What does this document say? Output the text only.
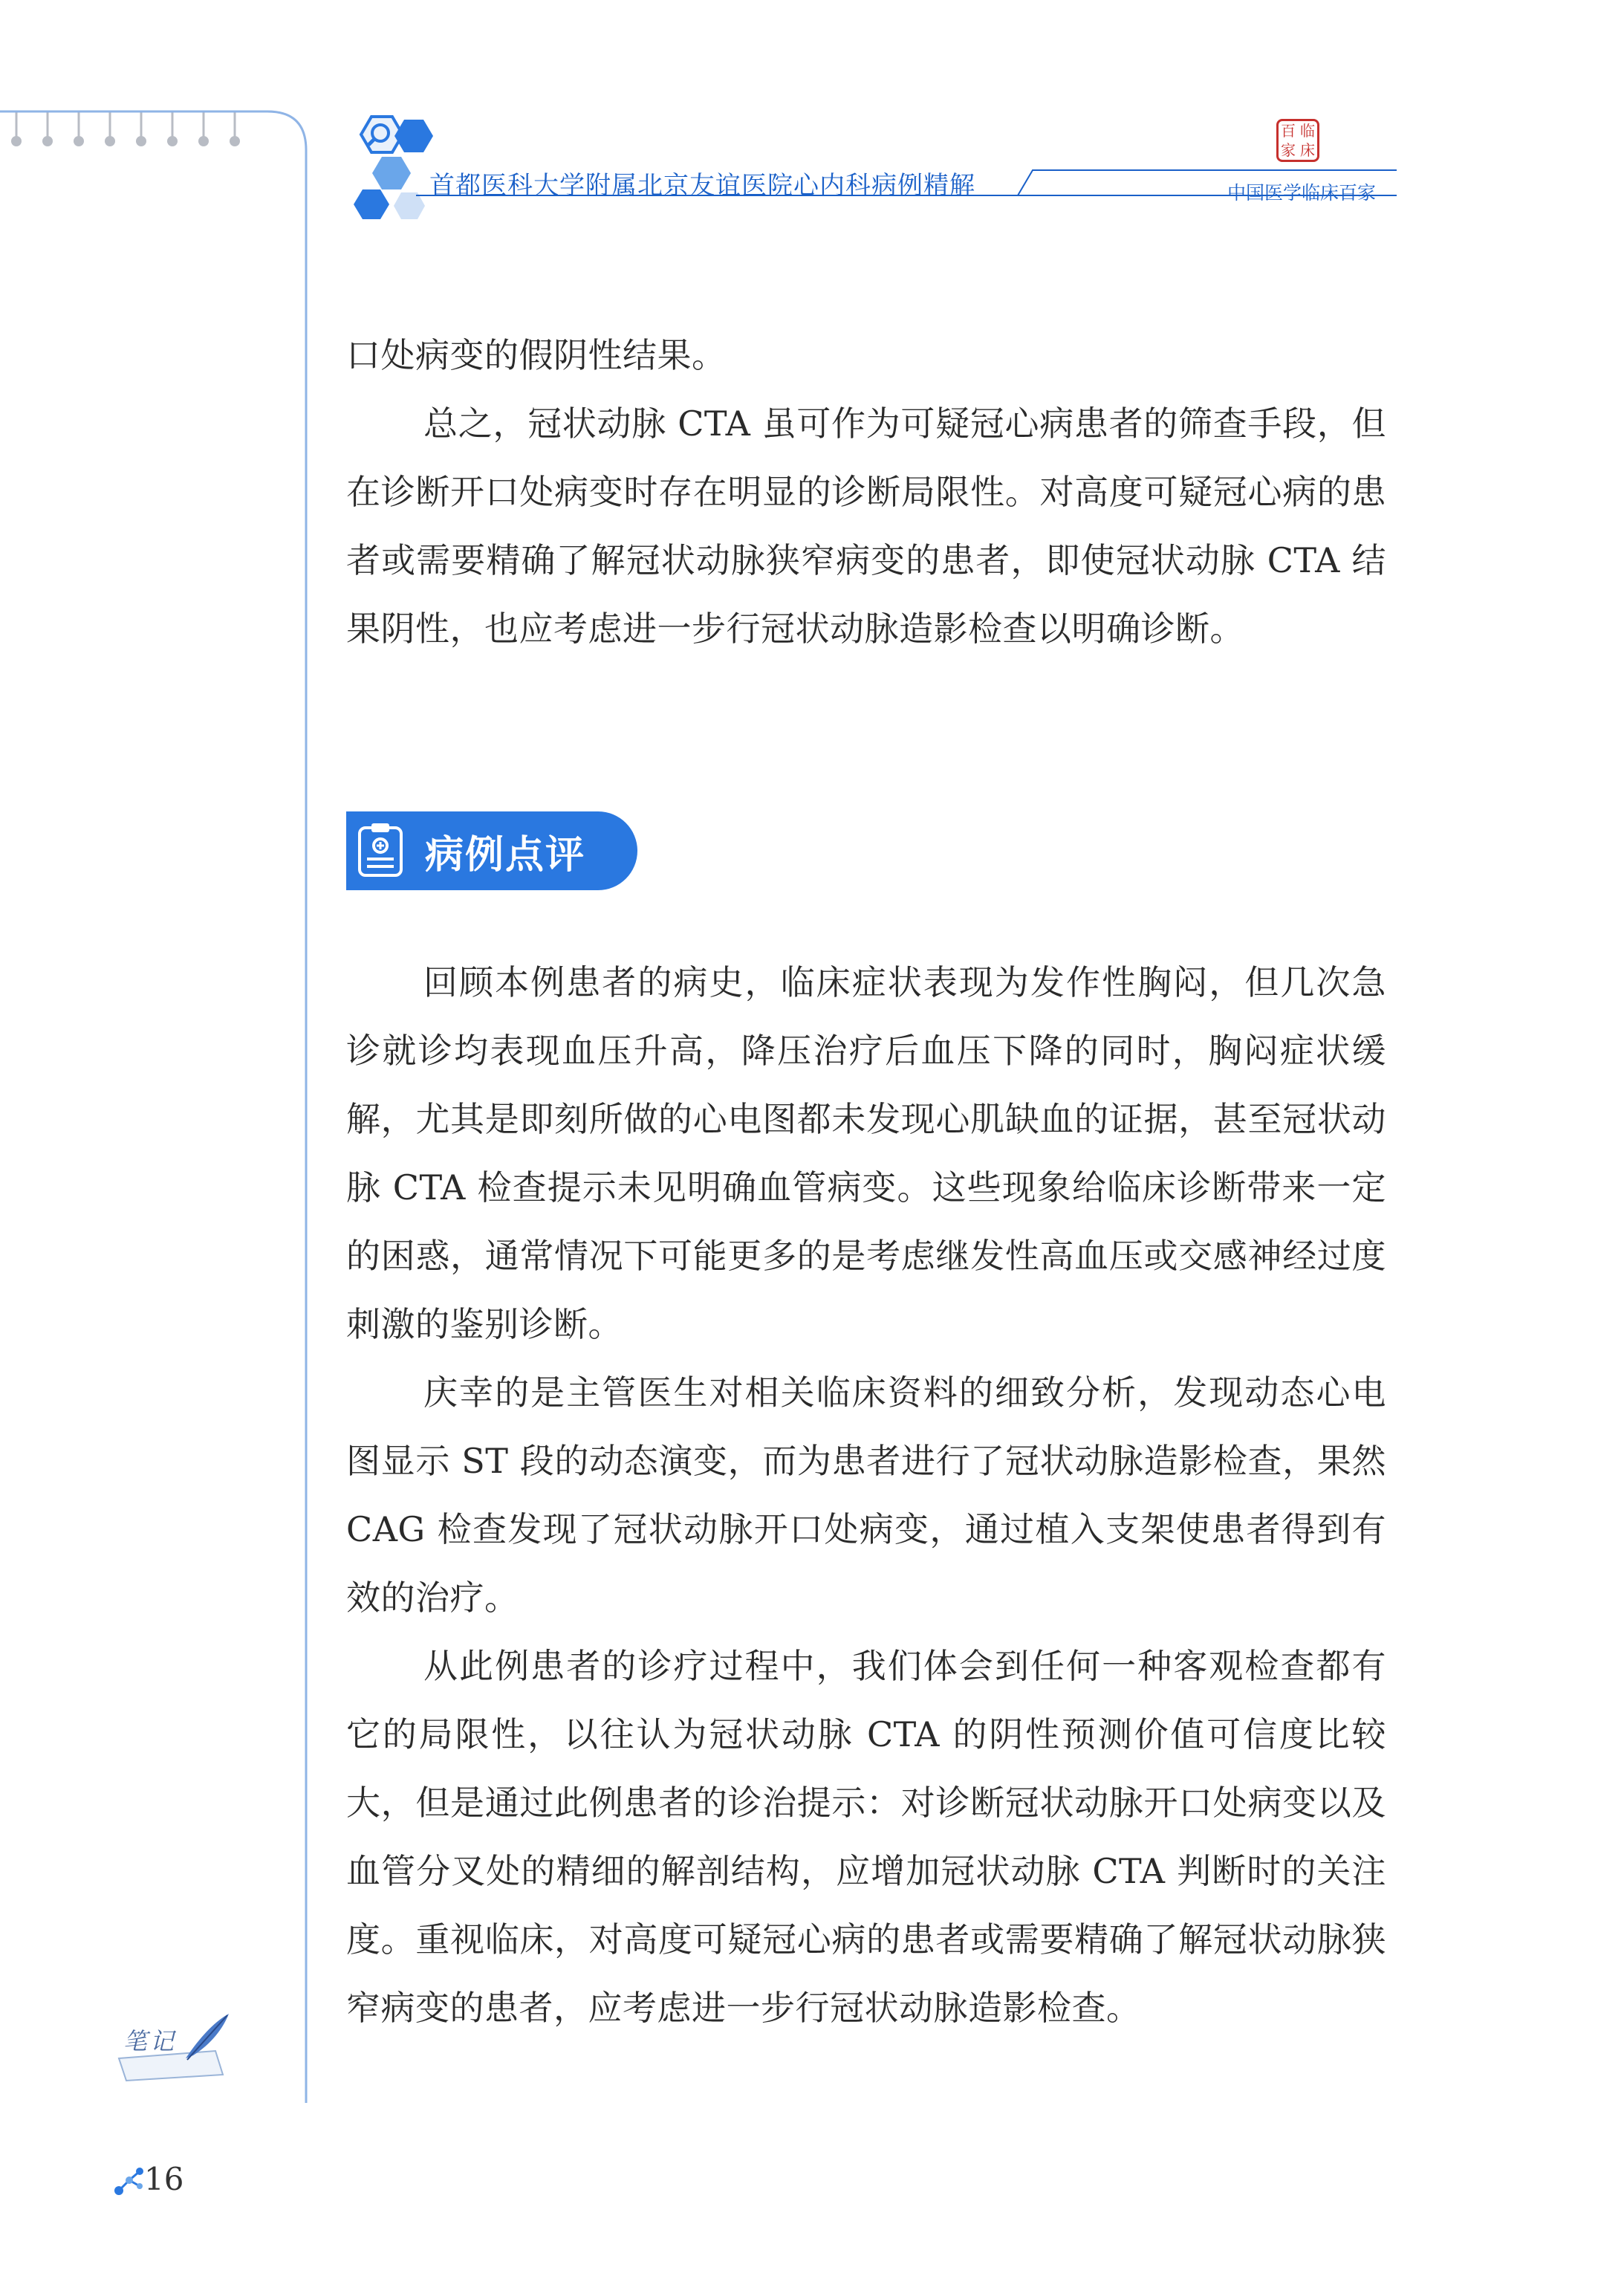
首都医科大学附属北京友谊医院心内科病例精解
百 临
家 床
中国医学临床百家

口处病变的假阴性结果。

总之，冠状动脉 CTA 虽可作为可疑冠心病患者的筛查手段，但在诊断开口处病变时存在明显的诊断局限性。对高度可疑冠心病的患者或需要精确了解冠状动脉狭窄病变的患者，即使冠状动脉 CTA 结果阴性，也应考虑进一步行冠状动脉造影检查以明确诊断。

病例点评

回顾本例患者的病史，临床症状表现为发作性胸闷，但几次急诊就诊均表现血压升高，降压治疗后血压下降的同时，胸闷症状缓解，尤其是即刻所做的心电图都未发现心肌缺血的证据，甚至冠状动脉 CTA 检查提示未见明确血管病变。这些现象给临床诊断带来一定的困惑，通常情况下可能更多的是考虑继发性高血压或交感神经过度刺激的鉴别诊断。

庆幸的是主管医生对相关临床资料的细致分析，发现动态心电图显示 ST 段的动态演变，而为患者进行了冠状动脉造影检查，果然 CAG 检查发现了冠状动脉开口处病变，通过植入支架使患者得到有效的治疗。

从此例患者的诊疗过程中，我们体会到任何一种客观检查都有它的局限性，以往认为冠状动脉 CTA 的阴性预测价值可信度比较大，但是通过此例患者的诊治提示：对诊断冠状动脉开口处病变以及血管分叉处的精细的解剖结构，应增加冠状动脉 CTA 判断时的关注度。重视临床，对高度可疑冠心病的患者或需要精确了解冠状动脉狭窄病变的患者，应考虑进一步行冠状动脉造影检查。

笔记
16
